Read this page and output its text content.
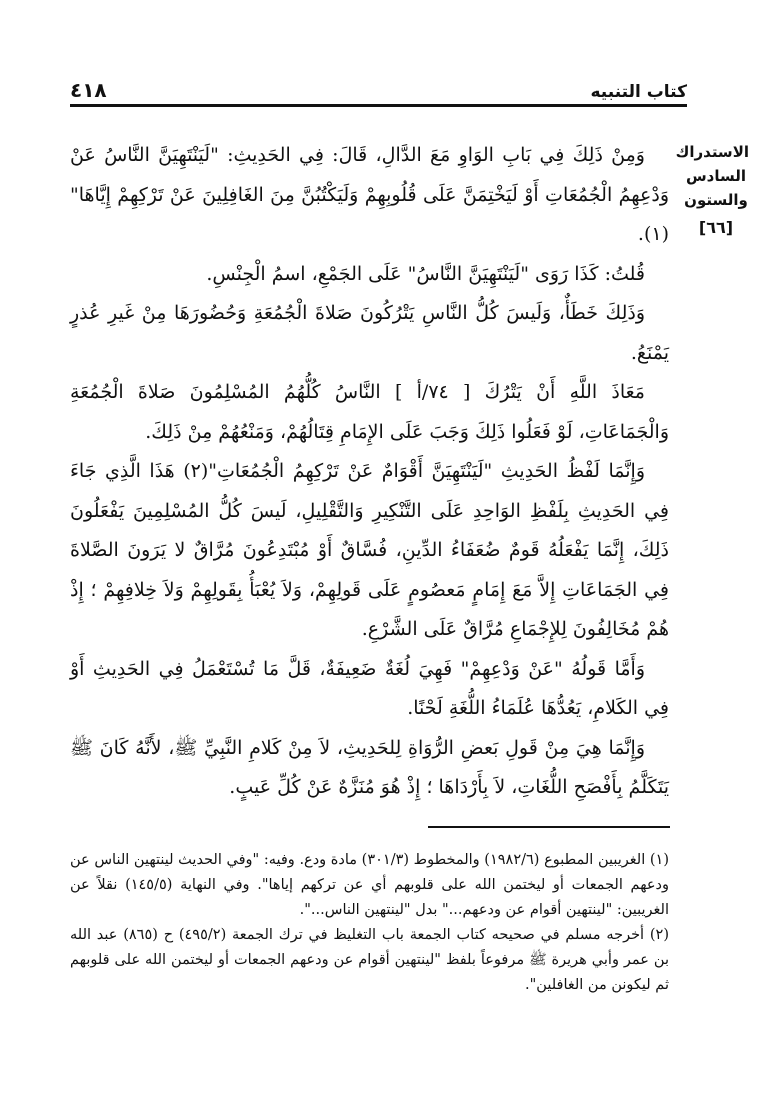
٤١٨	كتاب التنبيه
الاستدراك
السادس
والستون
[٦٦]

وَمِنْ ذَلِكَ فِي بَابِ الوَاوِ مَعَ الدَّالِ، قَالَ: فِي الحَدِيثِ: "لَيَنْتَهِيَنَّ النَّاسُ عَنْ وَدْعِهِمُ الْجُمُعَاتِ أَوْ لَيَخْتِمَنَّ عَلَى قُلُوبِهِمْ وَلَيَكْتُبُنَّ مِنَ الغَافِلِينَ عَنْ تَرْكِهِمْ إِيَّاهَا"(١).

قُلتُ: كَذَا رَوَى "لَيَنْتَهِيَنَّ النَّاسُ" عَلَى الجَمْعِ، اسمُ الْجِنْسِ.

وَذَلِكَ خَطَأٌ، وَلَيسَ كُلُّ النَّاسِ يَتْرُكُونَ صَلاةَ الْجُمُعَةِ وَحُضُورَهَا مِنْ غَيرِ عُذرٍ يَمْنَعُ.

مَعَاذَ اللَّهِ أَنْ يَتْرُكَ [ ٧٤/أ ] النَّاسُ كُلُّهُمُ المُسْلِمُونَ صَلاةَ الْجُمُعَةِ وَالْجَمَاعَاتِ، لَوْ فَعَلُوا ذَلِكَ وَجَبَ عَلَى الإِمَامِ قِتَالُهُمْ، وَمَنْعُهُمْ مِنْ ذَلِكَ.

وَإِنَّمَا لَفْظُ الحَدِيثِ "لَيَنْتَهِيَنَّ أَقْوَامٌ عَنْ تَرْكِهِمُ الْجُمُعَاتِ"(٢) هَذَا الَّذِي جَاءَ فِي الحَدِيثِ بِلَفْظِ الوَاحِدِ عَلَى التَّنْكِيرِ وَالتَّقْلِيلِ، لَيسَ كُلُّ المُسْلِمِينَ يَفْعَلُونَ ذَلِكَ، إِنَّمَا يَفْعَلُهُ قَومٌ ضُعَفَاءُ الدِّينِ، فُسَّاقٌ أَوْ مُبْتَدِعُونَ مُرَّاقٌ لا يَرَونَ الصَّلاةَ فِي الجَمَاعَاتِ إِلاَّ مَعَ إِمَامٍ مَعصُومٍ عَلَى قَولِهِمْ، وَلاَ يُعْبَأُ بِقَولِهِمْ وَلاَ خِلافِهِمْ ؛ إِذْ هُمْ مُخَالِفُونَ لِلإِجْمَاعِ مُرَّاقٌ عَلَى الشَّرْعِ.

وَأَمَّا قَولُهُ "عَنْ وَدْعِهِمْ" فَهِيَ لُغَةٌ ضَعِيفَةٌ، قَلَّ مَا تُسْتَعْمَلُ فِي الحَدِيثِ أَوْ فِي الكَلامِ، يَعُدُّهَا عُلَمَاءُ اللُّغَةِ لَحْنًا.

وَإِنَّمَا هِيَ مِنْ قَولِ بَعضِ الرُّوَاةِ لِلحَدِيثِ، لاَ مِنْ كَلامِ النَّبِيِّ ﷺ، لأَنَّهُ كَانَ ﷺ يَتَكَلَّمُ بِأَفْصَحِ اللُّغَاتِ، لاَ بِأَرْدَاهَا ؛ إِذْ هُوَ مُنَزَّهٌ عَنْ كُلِّ عَيبٍ.

(١) الغريبين المطبوع (١٩٨٢/٦) والمخطوط (٣٠١/٣) مادة ودع. وفيه: "وفي الحديث لينتهين الناس عن ودعهم الجمعات أو ليختمن الله على قلوبهم أي عن تركهم إياها". وفي النهاية (١٤٥/٥) نقلاً عن الغريبين: "لينتهين أقوام عن ودعهم..." بدل "لينتهين الناس...".

(٢) أخرجه مسلم في صحيحه كتاب الجمعة باب التغليظ في ترك الجمعة (٤٩٥/٢) ح (٨٦٥) عبد الله بن عمر وأبي هريرة ﷺ مرفوعاً بلفظ "لينتهين أقوام عن ودعهم الجمعات أو ليختمن الله على قلوبهم ثم ليكونن من الغافلين".
